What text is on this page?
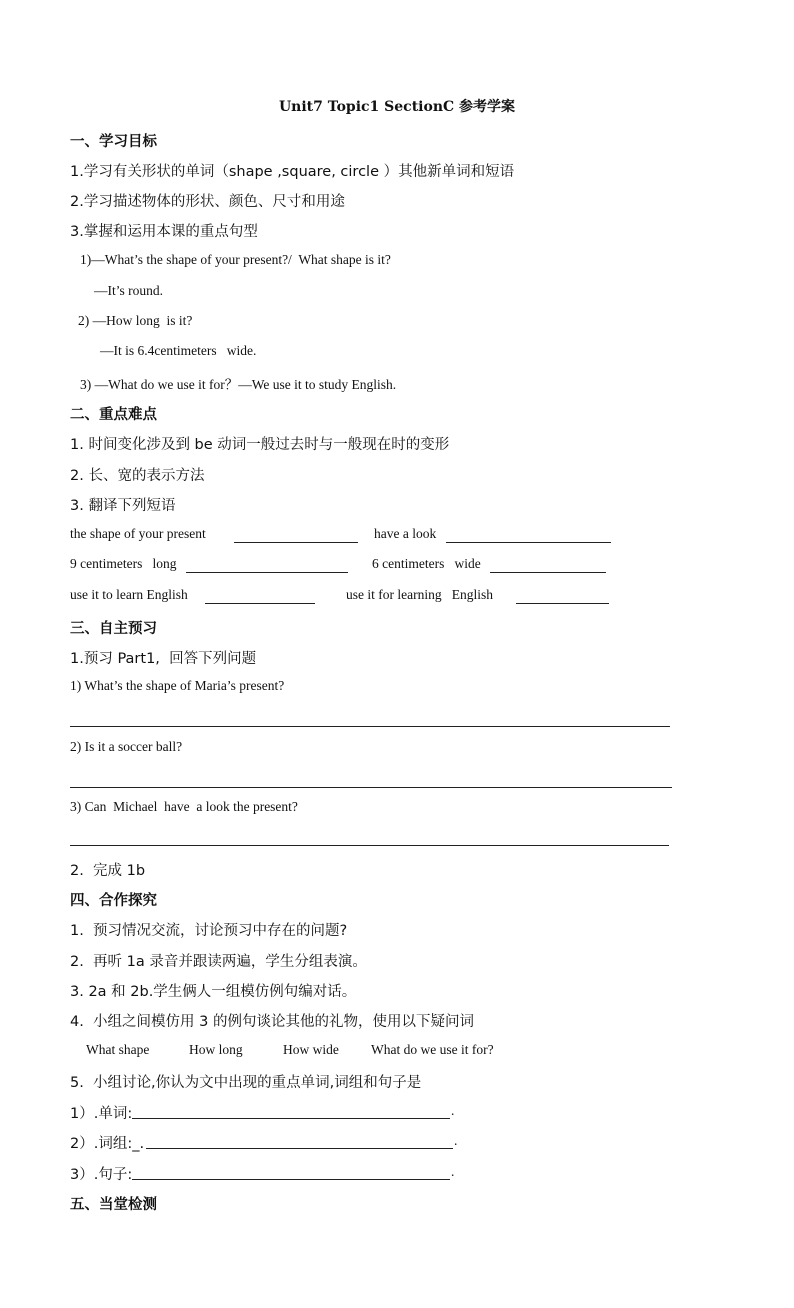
Unit7 Topic1 SectionC 参考学案
一、学习目标
1.学习有关形状的单词（shape ,square, circle ）其他新单词和短语
2.学习描述物体的形状、颜色、尺寸和用途
3.掌握和运用本课的重点句型
1)—What’s the shape of your present?/  What shape is it?
—It’s round.
2) —How long  is it?
—It is 6.4centimeters   wide.
3) —What do we use it for？—We use it to study English.
二、重点难点
1. 时间变化涉及到 be 动词一般过去时与一般现在时的变形
2. 长、宽的表示方法
3. 翻译下列短语
the shape of your present	have a look
9 centimeters   long	6 centimeters   wide
use it to learn English	use it for learning   English
三、自主预习
1.预习 Part1,  回答下列问题
1) What’s the shape of Maria’s present?
2) Is it a soccer ball?
3) Can  Michael  have  a look the present?
2.  完成 1b
四、合作探究
1.  预习情况交流，讨论预习中存在的问题?
2.  再听 1a 录音并跟读两遍，学生分组表演。
3. 2a 和 2b.学生俩人一组模仿例句编对话。
4.  小组之间模仿用 3 的例句谈论其他的礼物，使用以下疑问词
What shape	How long	How wide What do we use it for?
5.  小组讨论,你认为文中出现的重点单词,词组和句子是
1）.单词:	.
2）.词组:_.	.
3）.句子:	.
五、当堂检测
